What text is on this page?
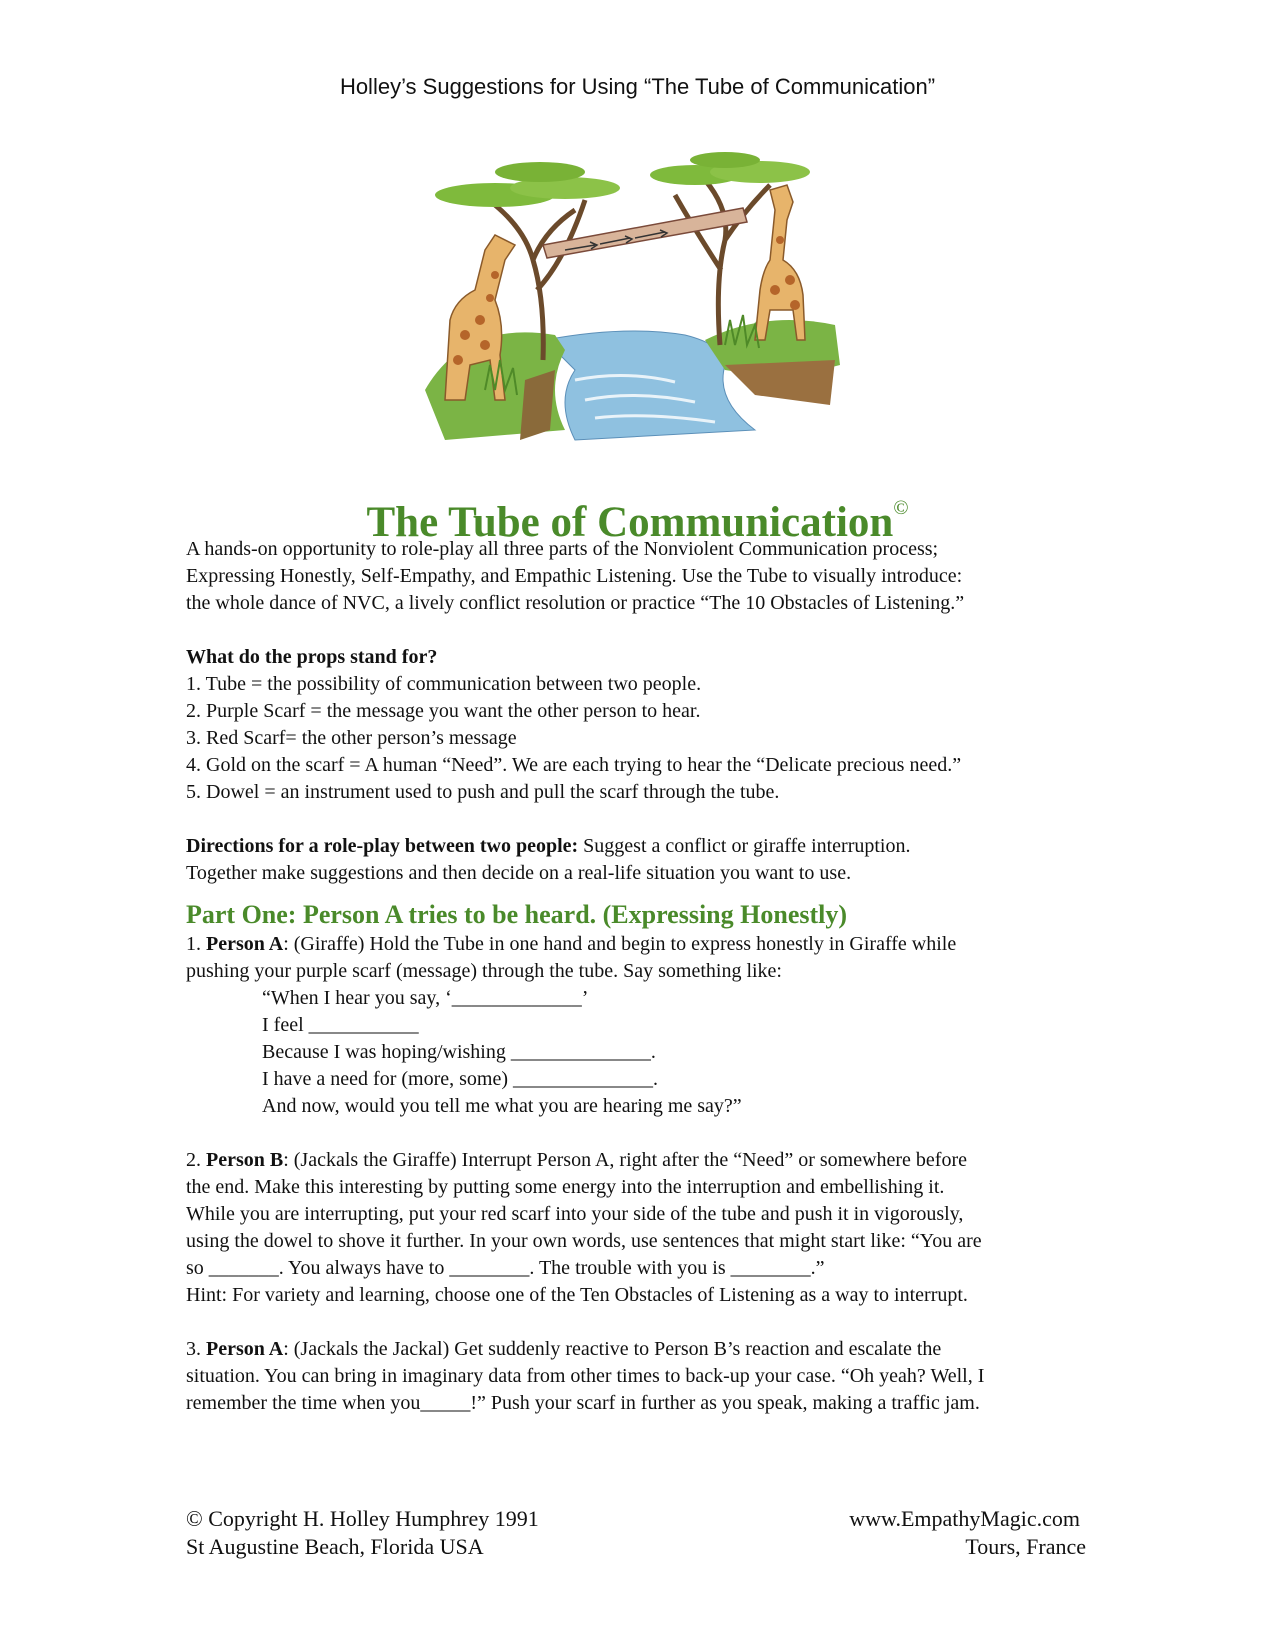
Holley’s Suggestions for Using “The Tube of Communication”
The Tube of Communication©

A hands-on opportunity to role-play all three parts of the Nonviolent Communication process;

Expressing Honestly, Self-Empathy, and Empathic Listening. Use the Tube to visually introduce:

the whole dance of NVC, a lively conflict resolution or practice “The 10 Obstacles of Listening.”

What do the props stand for?

1. Tube = the possibility of communication between two people.

2. Purple Scarf = the message you want the other person to hear.

3. Red Scarf= the other person’s message

4. Gold on the scarf = A human “Need”. We are each trying to hear the “Delicate precious need.”

5. Dowel = an instrument used to push and pull the scarf through the tube.

Directions for a role-play between two people: Suggest a conflict or giraffe interruption.

Together make suggestions and then decide on a real-life situation you want to use.

Part One: Person A tries to be heard. (Expressing Honestly)

1. Person A: (Giraffe) Hold the Tube in one hand and begin to express honestly in Giraffe while

pushing your purple scarf (message) through the tube. Say something like:

“When I hear you say, ‘_____________’

I feel ___________

Because I was hoping/wishing ______________.

I have a need for (more, some) ______________.

And now, would you tell me what you are hearing me say?”

2. Person B: (Jackals the Giraffe) Interrupt Person A, right after the “Need” or somewhere before

the end. Make this interesting by putting some energy into the interruption and embellishing it.

While you are interrupting, put your red scarf into your side of the tube and push it in vigorously,

using the dowel to shove it further. In your own words, use sentences that might start like: “You are

so _______. You always have to ________. The trouble with you is ________.”

Hint: For variety and learning, choose one of the Ten Obstacles of Listening as a way to interrupt.

3. Person A: (Jackals the Jackal) Get suddenly reactive to Person B’s reaction and escalate the

situation. You can bring in imaginary data from other times to back-up your case. “Oh yeah? Well, I

remember the time when you_____!” Push your scarf in further as you speak, making a traffic jam.

© Copyright H. Holley Humphrey 1991
St Augustine Beach, Florida USA
www.EmpathyMagic.com
Tours, France
